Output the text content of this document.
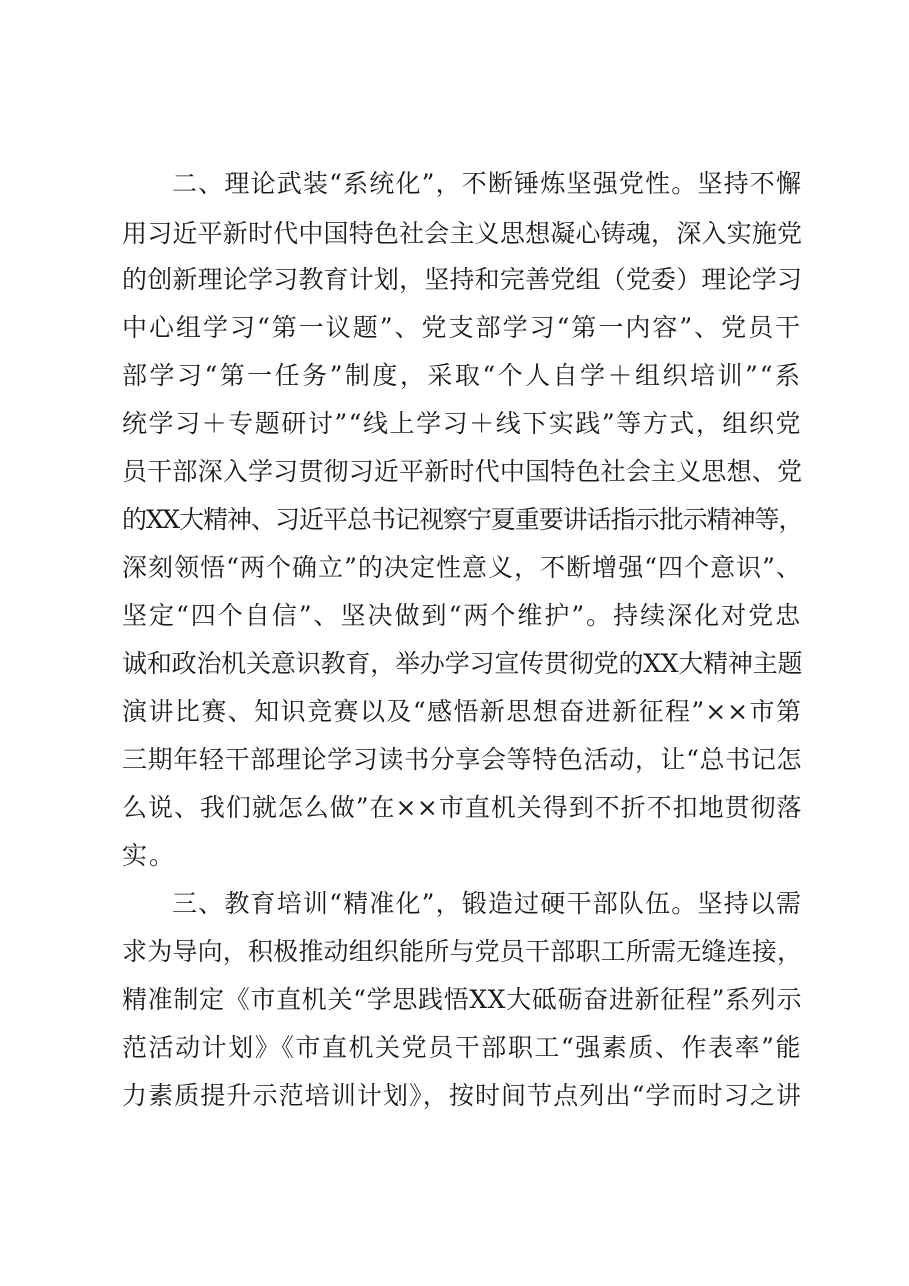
二、理论武装“系统化”，不断锤炼坚强党性。坚持不懈
用习近平新时代中国特色社会主义思想凝心铸魂，深入实施党
的创新理论学习教育计划，坚持和完善党组（党委）理论学习
中心组学习“第一议题”、党支部学习“第一内容”、党员干
部学习“第一任务”制度，采取“个人自学＋组织培训”“系
统学习＋专题研讨”“线上学习＋线下实践”等方式，组织党
员干部深入学习贯彻习近平新时代中国特色社会主义思想、党
的XX大精神、习近平总书记视察宁夏重要讲话指示批示精神等，
深刻领悟“两个确立”的决定性意义，不断增强“四个意识”、
坚定“四个自信”、坚决做到“两个维护”。持续深化对党忠
诚和政治机关意识教育，举办学习宣传贯彻党的XX大精神主题
演讲比赛、知识竞赛以及“感悟新思想奋进新征程”××市第
三期年轻干部理论学习读书分享会等特色活动，让“总书记怎
么说、我们就怎么做”在××市直机关得到不折不扣地贯彻落
实。
三、教育培训“精准化”，锻造过硬干部队伍。坚持以需
求为导向，积极推动组织能所与党员干部职工所需无缝连接，
精准制定《市直机关“学思践悟XX大砥砺奋进新征程”系列示
范活动计划》《市直机关党员干部职工“强素质、作表率”能
力素质提升示范培训计划》，按时间节点列出“学而时习之讲
